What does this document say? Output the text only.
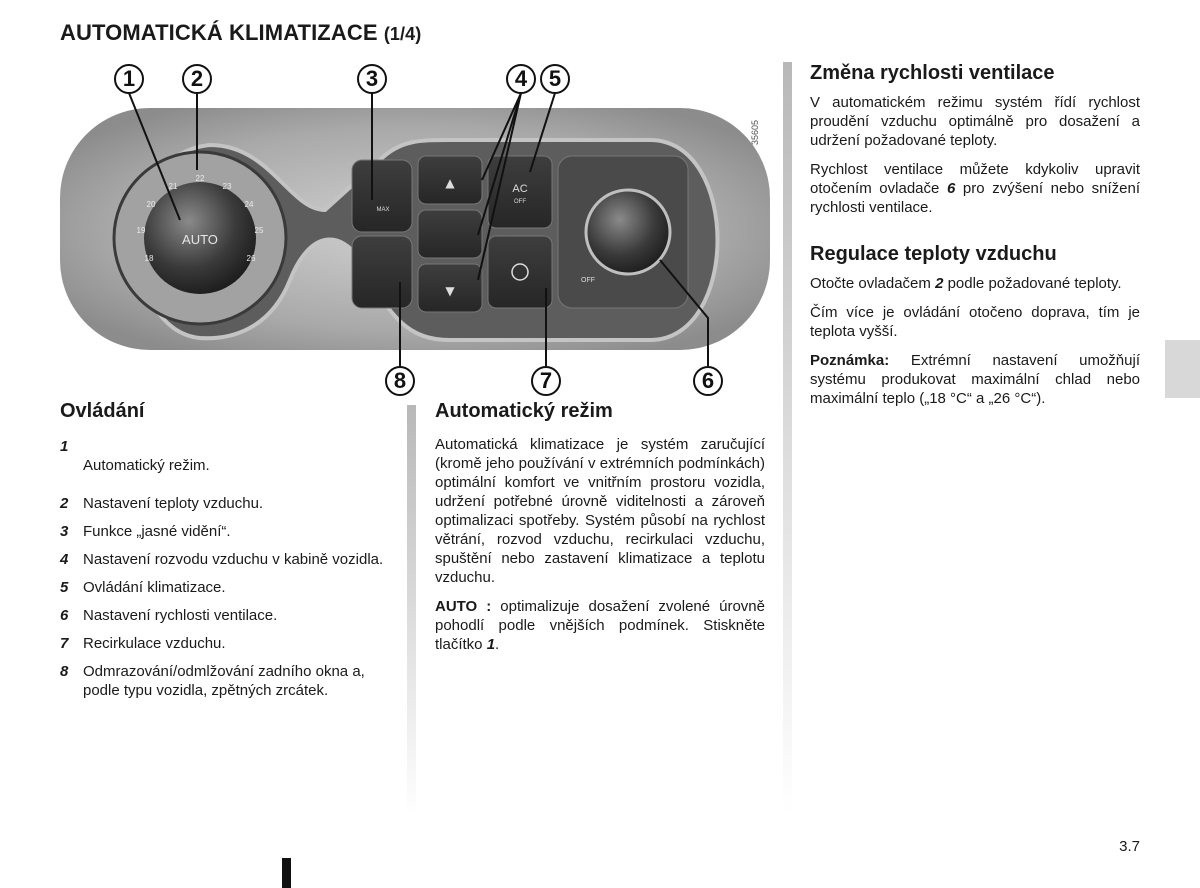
AUTOMATICKÁ KLIMATIZACE (1/4)
AUTO
18
19
20
21
22
23
24
25
26
MAX
▲
▼
AC
OFF
OFF
35605
1	2	3	4 5
8	7	6
Ovládání
1
Automatický režim.
2 Nastavení teploty vzduchu.
3 Funkce „jasné vidění“.
4 Nastavení rozvodu vzduchu v kabině vozidla.
5 Ovládání klimatizace.
6 Nastavení rychlosti ventilace.
7 Recirkulace vzduchu.
8 Odmrazování/odmlžování zadního okna a, podle typu vozidla, zpětných zrcátek.
Automatický režim

Automatická klimatizace je systém zaručující (kromě jeho používání v extrémních podmínkách) optimální komfort ve vnitřním prostoru vozidla, udržení potřebné úrovně viditelnosti a zároveň optimalizaci spotřeby. Systém působí na rychlost větrání, rozvod vzduchu, recirkulaci vzduchu, spuštění nebo zastavení klimatizace a teplotu vzduchu.

AUTO : optimalizuje dosažení zvolené úrovně pohodlí podle vnějších podmínek. Stiskněte tlačítko 1.

Změna rychlosti ventilace

V automatickém režimu systém řídí rychlost proudění vzduchu optimálně pro dosažení a udržení požadované teploty.

Rychlost ventilace můžete kdykoliv upravit otočením ovladače 6 pro zvýšení nebo snížení rychlosti ventilace.

Regulace teploty vzduchu

Otočte ovladačem 2 podle požadované teploty.

Čím více je ovládání otočeno doprava, tím je teplota vyšší.

Poznámka: Extrémní nastavení umožňují systému produkovat maximální chlad nebo maximální teplo („18 °C“ a „26 °C“).

3.7
